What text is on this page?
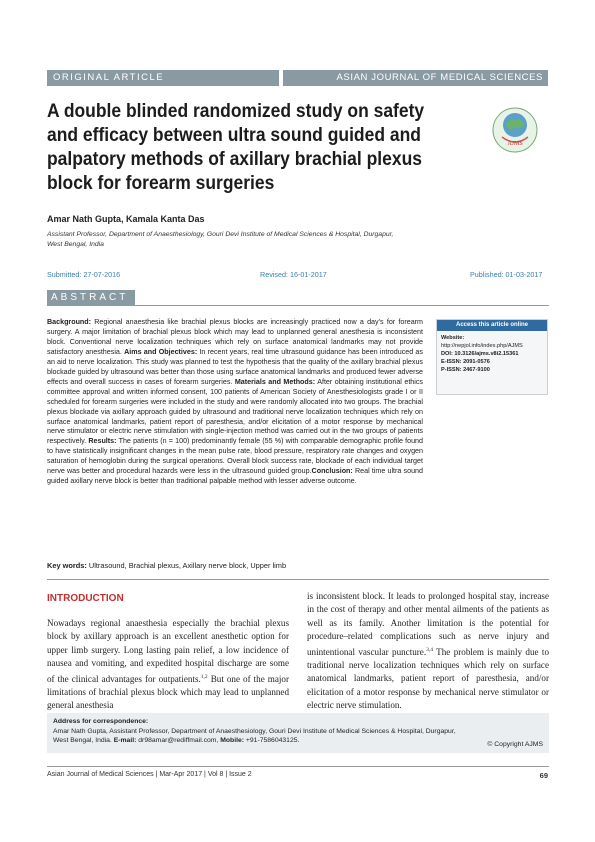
ORIGINAL ARTICLE	ASIAN JOURNAL OF MEDICAL SCIENCES
A double blinded randomized study on safety
and efficacy between ultra sound guided and
palpatory methods of axillary brachial plexus
block for forearm surgeries
AJMS
Amar Nath Gupta, Kamala Kanta Das
Assistant Professor, Department of Anaesthesiology, Gouri Devi Institute of Medical Sciences & Hospital, Durgapur,
West Bengal, India
Submitted: 27-07-2016	Revised: 16-01-2017	Published: 01-03-2017
ABSTRACT
Background: Regional anaesthesia like brachial plexus blocks are increasingly practiced now a day’s for forearm surgery. A major limitation of brachial plexus block which may lead to unplanned general anesthesia is inconsistent block. Conventional nerve localization techniques which rely on surface anatomical landmarks may not provide satisfactory anesthesia. Aims and Objectives: In recent years, real time ultrasound guidance has been introduced as an aid to nerve localization. This study was planned to test the hypothesis that the quality of the axillary brachial plexus blockade guided by ultrasound was better than those using surface anatomical landmarks and produced fewer adverse effects and overall success in cases of forearm surgeries. Materials and Methods: After obtaining institutional ethics committee approval and written informed consent, 100 patients of American Society of Anesthesiologists grade I or II scheduled for forearm surgeries were included in the study and were randomly allocated into two groups. The brachial plexus blockade via axillary approach guided by ultrasound and traditional nerve localization techniques which rely on surface anatomical landmarks, patient report of paresthesia, and/or elicitation of a motor response by mechanical nerve stimulator or electric nerve stimulation with single-injection method was carried out in the two groups of patients respectively. Results: The patients (n = 100) predominantly female (55 %) with comparable demographic profile found to have statistically insignificant changes in the mean pulse rate, blood pressure, respiratory rate changes and oxygen saturation of hemoglobin during the surgical operations. Overall block success rate, blockade of each individual target nerve was better and procedural hazards were less in the ultrasound guided group.Conclusion: Real time ultra sound guided axillary nerve block is better than traditional palpable method with lesser adverse outcome.
Access this article online
Website:
http://nepjol.info/index.php/AJMS
DOI: 10.3126/ajms.v8i2.15361
E-ISSN: 2091-0576
P-ISSN: 2467-9100
Key words: Ultrasound, Brachial plexus, Axillary nerve block, Upper limb
INTRODUCTION
Nowadays regional anaesthesia especially the brachial plexus block by axillary approach is an excellent anesthetic option for upper limb surgery. Long lasting pain relief, a low incidence of nausea and vomiting, and expedited hospital discharge are some of the clinical advantages for outpatients.$^{1,2}$ But one of the major limitations of brachial plexus block which may lead to unplanned general anesthesia
is inconsistent block. It leads to prolonged hospital stay, increase in the cost of therapy and other mental ailments of the patients as well as its family. Another limitation is the potential for procedure–related complications such as nerve injury and unintentional vascular puncture.$^{3,4}$ The problem is mainly due to traditional nerve localization techniques which rely on surface anatomical landmarks, patient report of paresthesia, and/or elicitation of a motor response by mechanical nerve stimulator or electric nerve stimulation.
Address for correspondence:
Amar Nath Gupta, Assistant Professor, Department of Anaesthesiology, Gouri Devi Institute of Medical Sciences & Hospital, Durgapur,
West Bengal, India. E-mail: dr98amar@rediffmail.com, Mobile: +91-7586043125.
© Copyright AJMS
Asian Journal of Medical Sciences | Mar-Apr 2017 | Vol 8 | Issue 2	69
